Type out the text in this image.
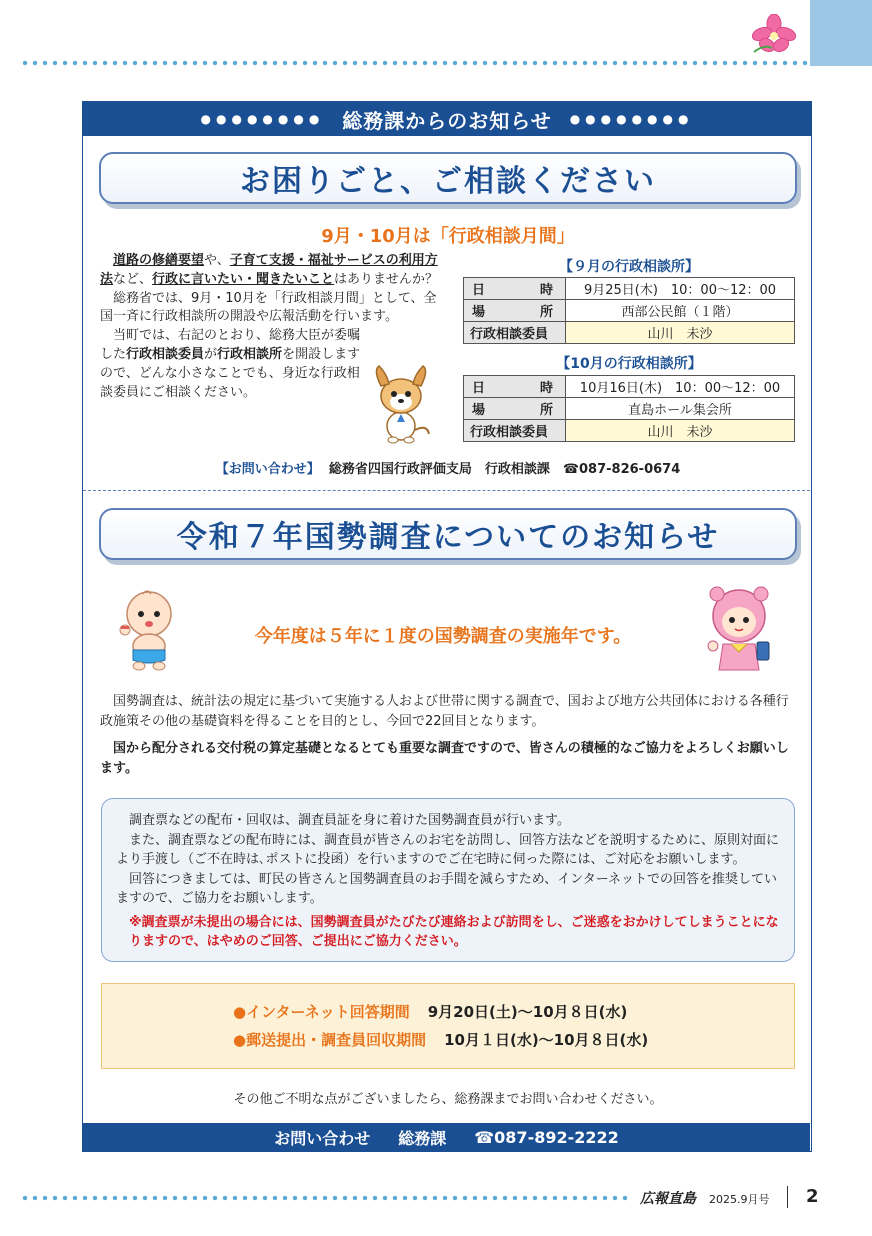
●●●●●●●● 総務課からのお知らせ ●●●●●●●●
お困りごと、ご相談ください
9月・10月は「行政相談月間」

道路の修繕要望や、子育て支援・福祉サービスの利用方法など、行政に言いたい・聞きたいことはありませんか？

総務省では、9月・10月を「行政相談月間」として、全国一斉に行政相談所の開設や広報活動を行います。

当町では、右記のとおり、総務大臣が委嘱した行政相談委員が行政相談所を開設しますので、どんな小さなことでも、身近な行政相談委員にご相談ください。

【９月の行政相談所】
日 時	9月25日(木)　10：00～12：00

場 所	西部公民館（１階）
行政相談委員	山川　未沙
【10月の行政相談所】
日 時	10月16日(木)　10：00～12：00

場 所	直島ホール集会所
行政相談委員	山川　未沙
【お問い合わせ】 総務省四国行政評価支局　行政相談課　☎087-826-0674
令和７年国勢調査についてのお知らせ
今年度は５年に１度の国勢調査の実施年です。
国勢調査は、統計法の規定に基づいて実施する人および世帯に関する調査で、国および地方公共団体における各種行政施策その他の基礎資料を得ることを目的とし、今回で22回目となります。
国から配分される交付税の算定基礎となるとても重要な調査ですので、皆さんの積極的なご協力をよろしくお願いします。

調査票などの配布・回収は、調査員証を身に着けた国勢調査員が行います。

また、調査票などの配布時には、調査員が皆さんのお宅を訪問し、回答方法などを説明するために、原則対面により手渡し（ご不在時は､ポストに投函）を行いますのでご在宅時に伺った際には、ご対応をお願いします。

回答につきましては、町民の皆さんと国勢調査員のお手間を減らすため、インターネットでの回答を推奨していますので、ご協力をお願いします。

※調査票が未提出の場合には、国勢調査員がたびたび連絡および訪問をし、ご迷惑をおかけしてしまうことになりますので、はやめのご回答、ご提出にご協力ください。

●インターネット回答期間 9月20日(土)～10月８日(水)
●郵送提出・調査員回収期間 10月１日(水)～10月８日(水)
その他ご不明な点がございましたら、総務課までお問い合わせください。
お問い合わせ 総務課 ☎087-892-2222
広報直島 2025.9月号 2
